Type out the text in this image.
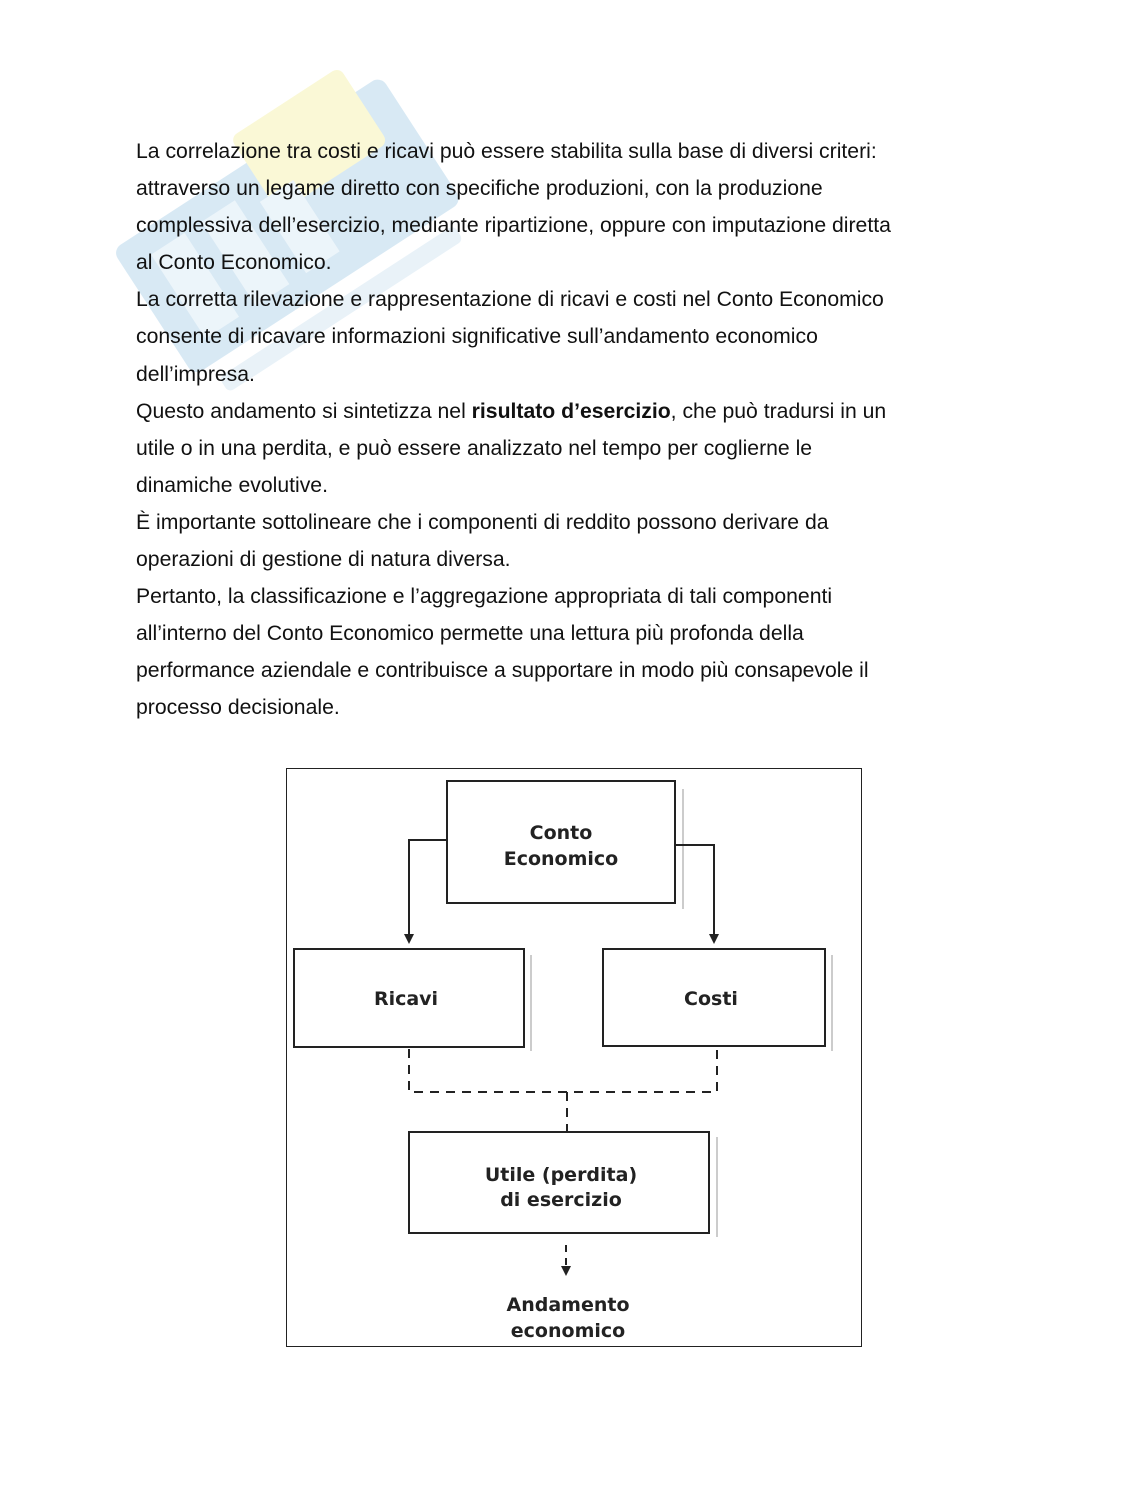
La correlazione tra costi e ricavi può essere stabilita sulla base di diversi criteri:
attraverso un legame diretto con specifiche produzioni, con la produzione
complessiva dell’esercizio, mediante ripartizione, oppure con imputazione diretta
al Conto Economico.

La corretta rilevazione e rappresentazione di ricavi e costi nel Conto Economico
consente di ricavare informazioni significative sull’andamento economico
dell’impresa.

Questo andamento si sintetizza nel risultato d’esercizio, che può tradursi in un
utile o in una perdita, e può essere analizzato nel tempo per coglierne le
dinamiche evolutive.

È importante sottolineare che i componenti di reddito possono derivare da
operazioni di gestione di natura diversa.

Pertanto, la classificazione e l’aggregazione appropriata di tali componenti
all’interno del Conto Economico permette una lettura più profonda della
performance aziendale e contribuisce a supportare in modo più consapevole il
processo decisionale.

Conto
Economico
Ricavi	Costi
Utile (perdita)
di esercizio
Andamento
economico
